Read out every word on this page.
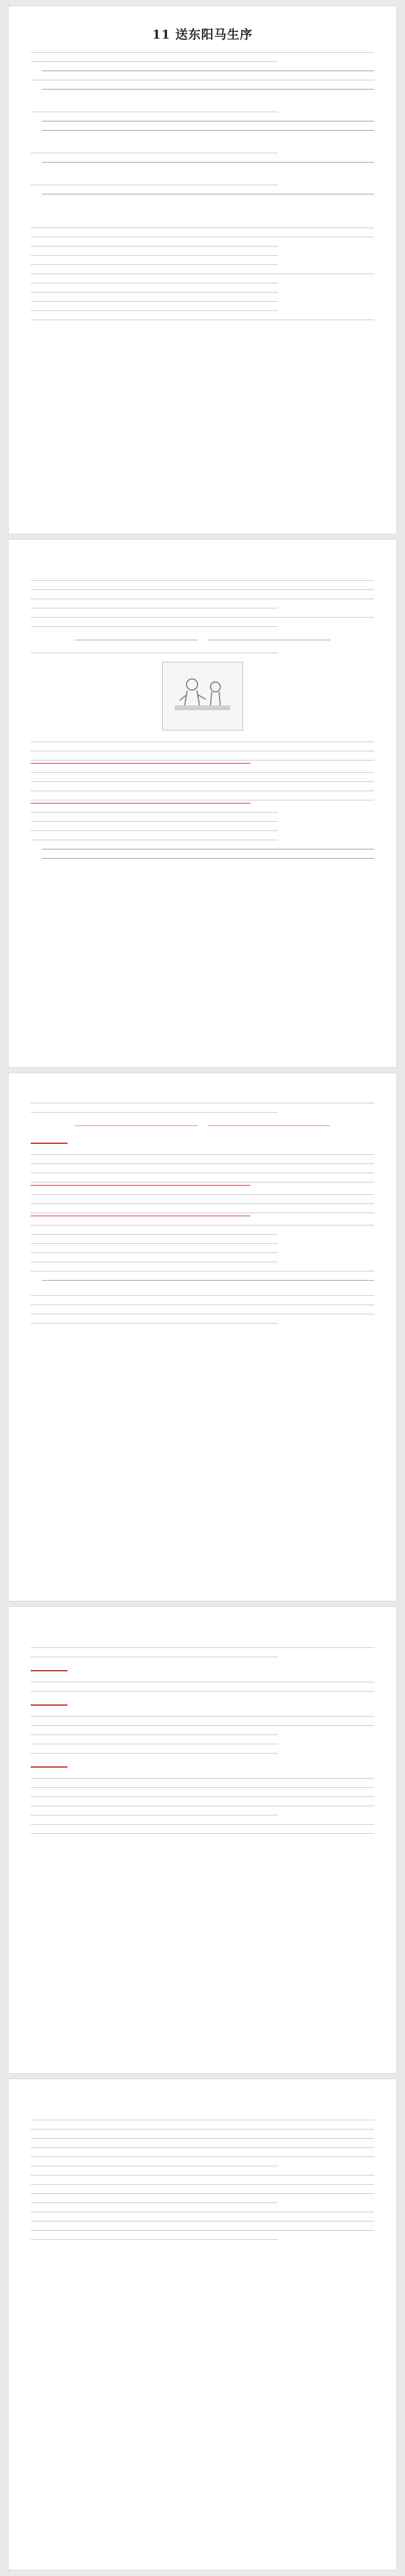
11 送东阳马生序
